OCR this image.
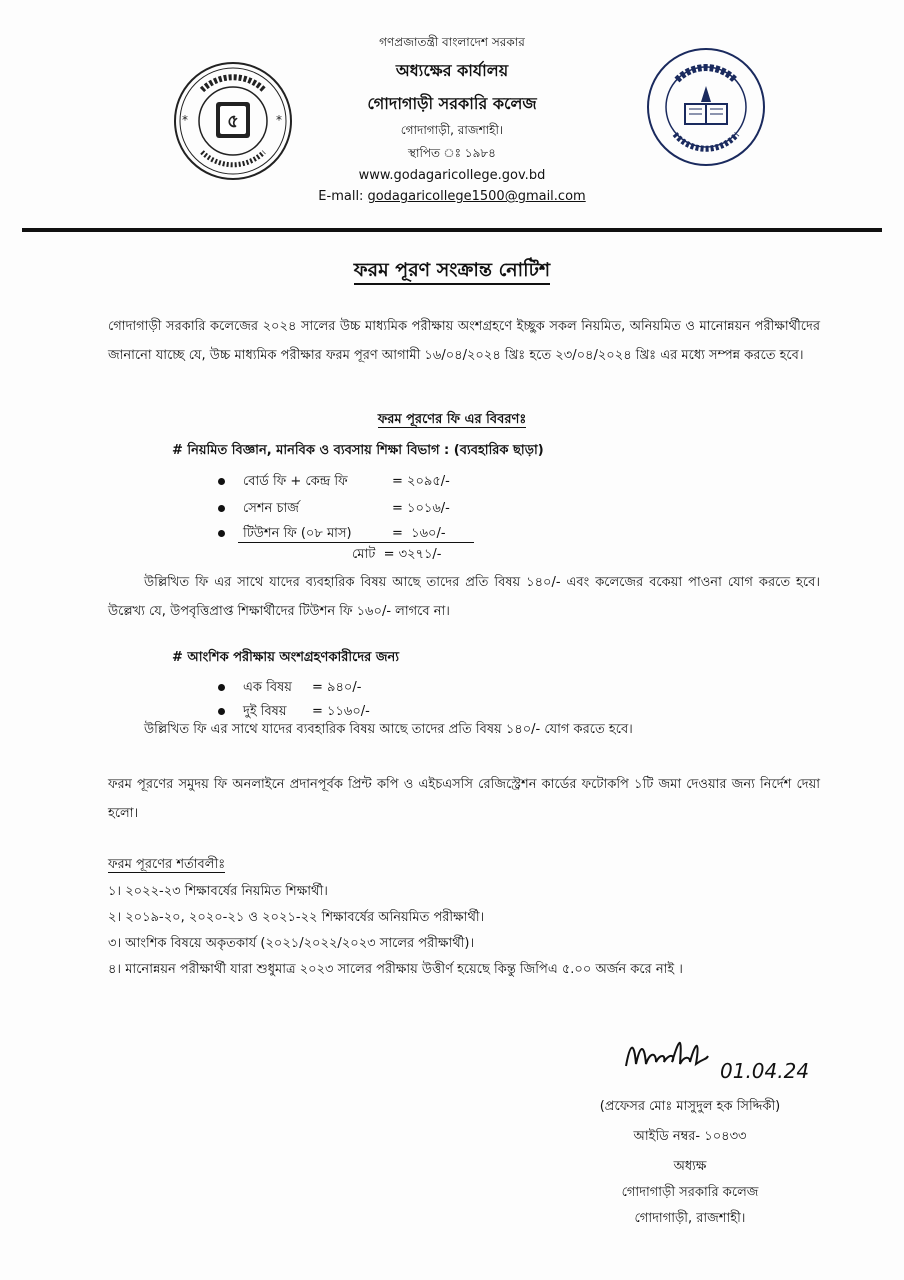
৫
*	*
গণপ্রজাতন্ত্রী বাংলাদেশ সরকার
অধ্যক্ষের কার্যালয়
গোদাগাড়ী সরকারি কলেজ
গোদাগাড়ী, রাজশাহী।
স্থাপিত ঃ ১৯৮৪
www.godagaricollege.gov.bd
E-mall: godagaricollege1500@gmail.com
ফরম পূরণ সংক্রান্ত নোটিশ
গোদাগাড়ী সরকারি কলেজের ২০২৪ সালের উচ্চ মাধ্যমিক পরীক্ষায় অংশগ্রহণে ইচ্ছুক সকল নিয়মিত, অনিয়মিত ও মানোন্নয়ন পরীক্ষার্থীদের জানানো যাচ্ছে যে, উচ্চ মাধ্যমিক পরীক্ষার ফরম পূরণ আগামী ১৬/০৪/২০২৪ খ্রিঃ হতে ২৩/০৪/২০২৪ খ্রিঃ এর মধ্যে সম্পন্ন করতে হবে।
ফরম পূরণের ফি এর বিবরণঃ
# নিয়মিত বিজ্ঞান, মানবিক ও ব্যবসায় শিক্ষা বিভাগ : (ব্যবহারিক ছাড়া)
বোর্ড ফি + কেন্দ্র ফি	= ২০৯৫/-
সেশন চার্জ	= ১০১৬/-
টিউশন ফি (০৮ মাস)	=  ১৬০/-
মোট  = ৩২৭১/-
উল্লিখিত ফি এর সাথে যাদের ব্যবহারিক বিষয় আছে তাদের প্রতি বিষয় ১৪০/- এবং কলেজের বকেয়া পাওনা যোগ করতে হবে। উল্লেখ্য যে, উপবৃত্তিপ্রাপ্ত শিক্ষার্থীদের টিউশন ফি ১৬০/- লাগবে না।
# আংশিক পরীক্ষায় অংশগ্রহণকারীদের জন্য
এক বিষয় = ৯৪০/-
দুই বিষয় = ১১৬০/-
উল্লিখিত ফি এর সাথে যাদের ব্যবহারিক বিষয় আছে তাদের প্রতি বিষয় ১৪০/- যোগ করতে হবে।
ফরম পূরণের সমুদয় ফি অনলাইনে প্রদানপূর্বক প্রিন্ট কপি ও এইচএসসি রেজিস্ট্রেশন কার্ডের ফটোকপি ১টি জমা দেওয়ার জন্য নির্দেশ দেয়া হলো।
ফরম পূরণের শর্তাবলীঃ
১। ২০২২-২৩ শিক্ষাবর্ষের নিয়মিত শিক্ষার্থী।
২। ২০১৯-২০, ২০২০-২১ ও ২০২১-২২ শিক্ষাবর্ষের অনিয়মিত পরীক্ষার্থী।
৩। আংশিক বিষয়ে অকৃতকার্য (২০২১/২০২২/২০২৩ সালের পরীক্ষার্থী)।
৪। মানোন্নয়ন পরীক্ষার্থী যারা শুধুমাত্র ২০২৩ সালের পরীক্ষায় উত্তীর্ণ হয়েছে কিন্তু জিপিএ ৫.০০ অর্জন করে নাই ।
01.04.24
(প্রফেসর মোঃ মাসুদুল হক সিদ্দিকী)
আইডি নম্বর- ১০৪৩৩
অধ্যক্ষ
গোদাগাড়ী সরকারি কলেজ
গোদাগাড়ী, রাজশাহী।
